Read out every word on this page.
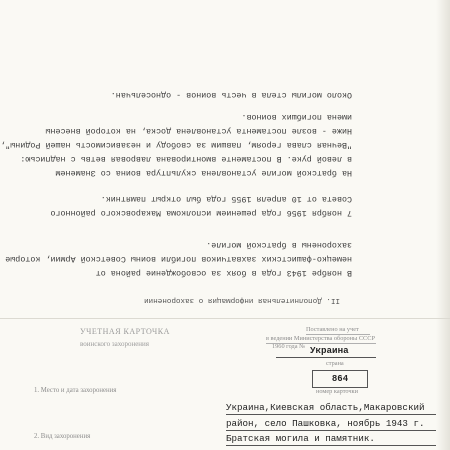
II. Дополнительная информация о захоронении
В ноябре 1943 года в боях за освобождение района от
немецко-фашистских захватчиков погибли воины Советской Армии, которые
захоронены в братской могиле.
7 ноября 1956 года решением исполкома Макаровского районного
Совета от 10 апреля 1955 года был открыт памятник.
На братской могиле установлена скульптура воина со Знаменем
в левой руке. В постаменте вмонтирована лавровая ветвь с надписью:
"Вечная слава героям, павшим за свободу и независимость нашей Родины",
Ниже - возле постамента установлена доска, на которой внесены
имена погибших воинов.
Около могилы стела в честь воинов - односельчан.
УЧЕТНАЯ КАРТОЧКА
воинского захоронения
Поставлено на учет
в ведении Министерства обороны СССР
1960 года № Украина
страна
864
номер карточки
1. Место и дата захоронения
Украина,Киевская область,Макаровский
район, село Пашковка, ноябрь 1943 г.
2. Вид захоронения	Братская могила и памятник.
